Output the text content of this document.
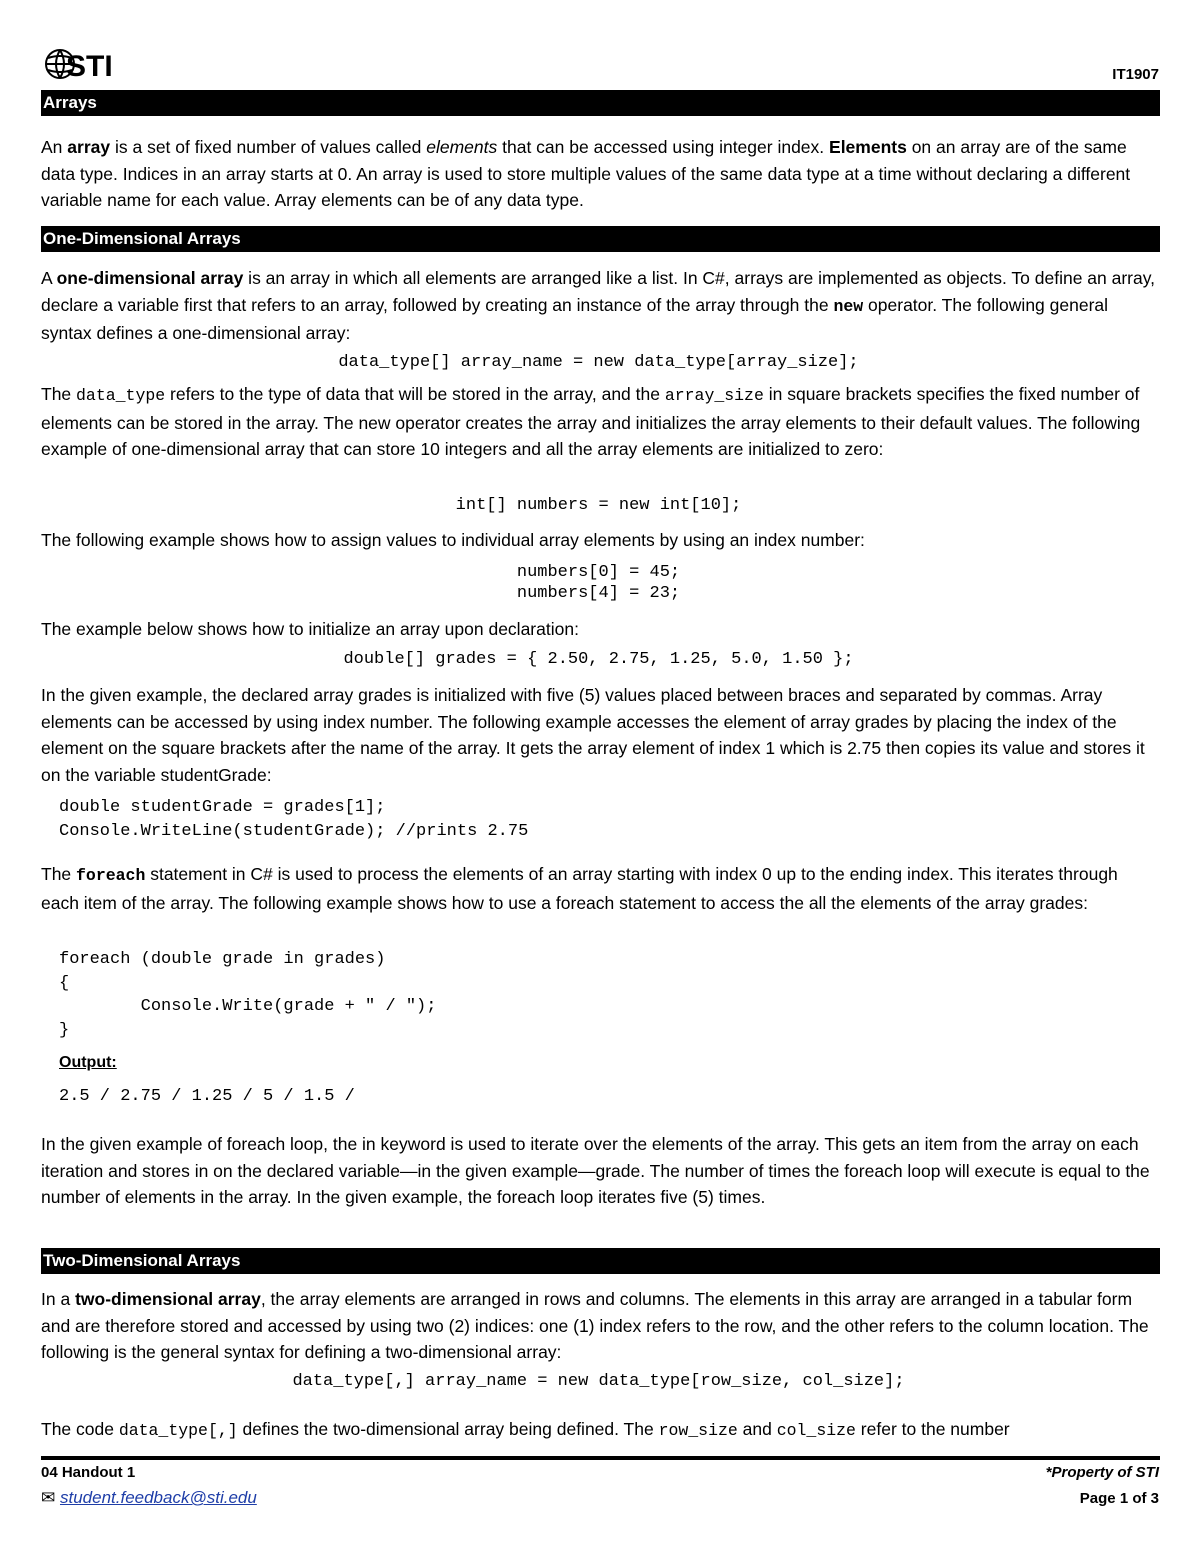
STI	IT1907
Arrays

An array is a set of fixed number of values called elements that can be accessed using integer index. Elements on an array are of the same data type. Indices in an array starts at 0. An array is used to store multiple values of the same data type at a time without declaring a different variable name for each value. Array elements can be of any data type.

One-Dimensional Arrays

A one-dimensional array is an array in which all elements are arranged like a list. In C#, arrays are implemented as objects. To define an array, declare a variable first that refers to an array, followed by creating an instance of the array through the new operator. The following general syntax defines a one-dimensional array:

data_type[] array_name = new data_type[array_size];

The data_type refers to the type of data that will be stored in the array, and the array_size in square brackets specifies the fixed number of elements can be stored in the array. The new operator creates the array and initializes the array elements to their default values. The following example of one-dimensional array that can store 10 integers and all the array elements are initialized to zero:

int[] numbers = new int[10];

The following example shows how to assign values to individual array elements by using an index number:

numbers[0] = 45;
numbers[4] = 23;

The example below shows how to initialize an array upon declaration:

double[] grades = { 2.50, 2.75, 1.25, 5.0, 1.50 };

In the given example, the declared array grades is initialized with five (5) values placed between braces and separated by commas. Array elements can be accessed by using index number. The following example accesses the element of array grades by placing the index of the element on the square brackets after the name of the array. It gets the array element of index 1 which is 2.75 then copies its value and stores it on the variable studentGrade:

double studentGrade = grades[1];
Console.WriteLine(studentGrade); //prints 2.75

The foreach statement in C# is used to process the elements of an array starting with index 0 up to the ending index. This iterates through each item of the array. The following example shows how to use a foreach statement to access the all the elements of the array grades:

foreach (double grade in grades)
{
Console.Write(grade + " / ");
}
Output:
2.5 / 2.75 / 1.25 / 5 / 1.5 /

In the given example of foreach loop, the in keyword is used to iterate over the elements of the array. This gets an item from the array on each iteration and stores in on the declared variable—in the given example—grade. The number of times the foreach loop will execute is equal to the number of elements in the array. In the given example, the foreach loop iterates five (5) times.

Two-Dimensional Arrays

In a two-dimensional array, the array elements are arranged in rows and columns. The elements in this array are arranged in a tabular form and are therefore stored and accessed by using two (2) indices: one (1) index refers to the row, and the other refers to the column location. The following is the general syntax for defining a two-dimensional array:

data_type[,] array_name = new data_type[row_size, col_size];

The code data_type[,] defines the two-dimensional array being defined. The row_size and col_size refer to the number

04 Handout 1
✉ student.feedback@sti.edu
*Property of STI
Page 1 of 3
